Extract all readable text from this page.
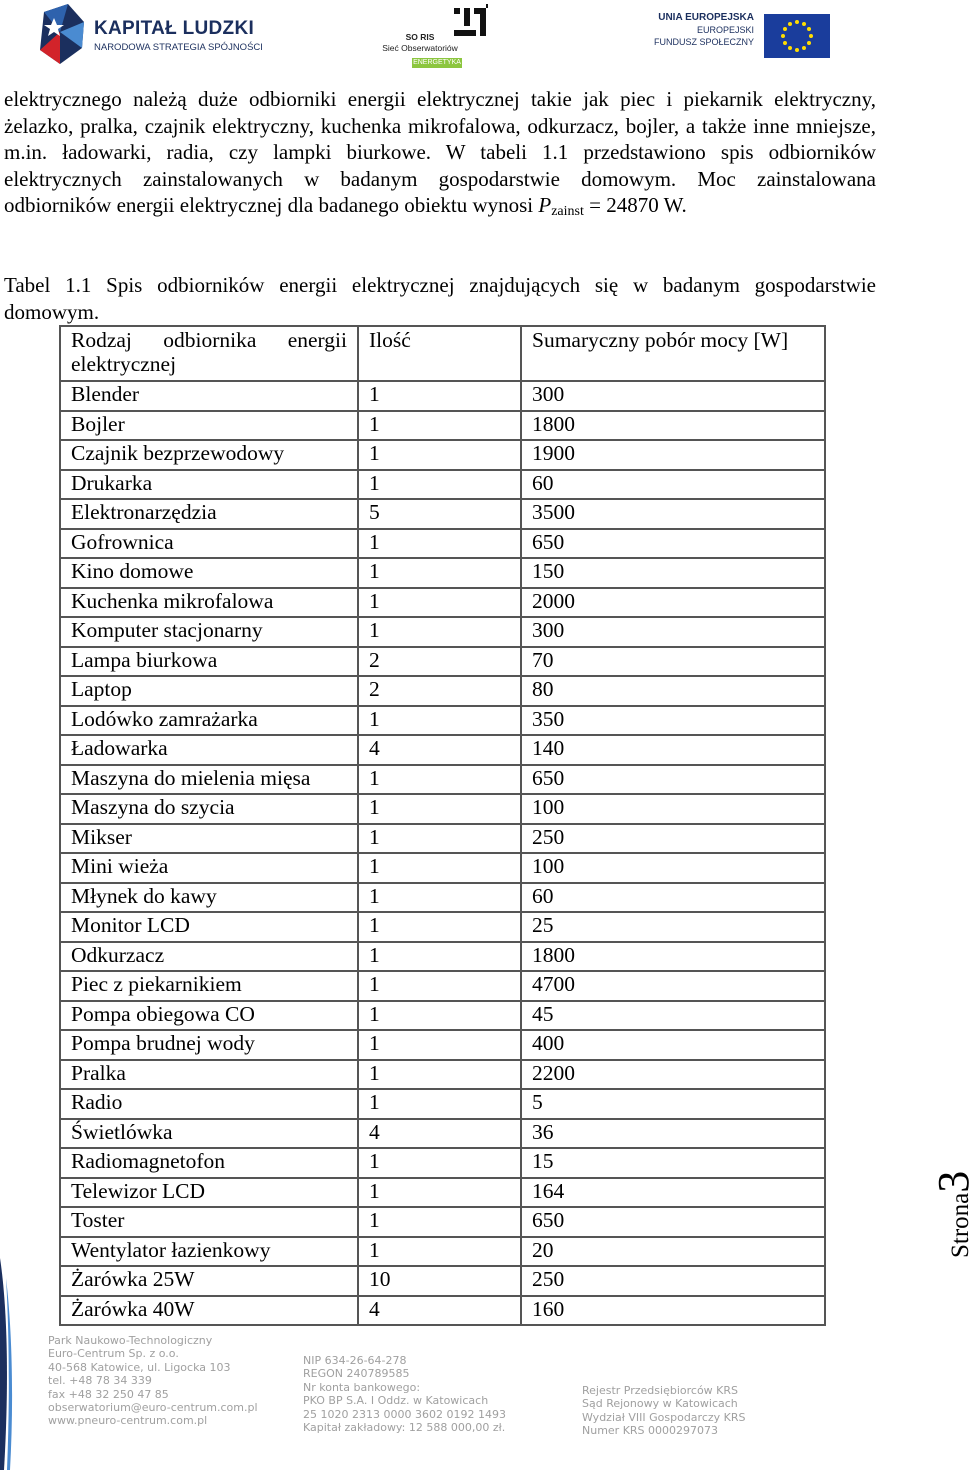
KAPITAŁ LUDZKI
NARODOWA STRATEGIA SPÓJNOŚCI
SO RIS
Sieć Obserwatoriów
ENERGETYKA
UNIA EUROPEJSKA
EUROPEJSKI
FUNDUSZ SPOŁECZNY
elektrycznego należą duże odbiorniki energii elektrycznej takie jak piec i piekarnik elektryczny, żelazko, pralka, czajnik elektryczny, kuchenka mikrofalowa, odkurzacz, bojler, a także inne mniejsze, m.in. ładowarki, radia, czy lampki biurkowe. W tabeli 1.1 przedstawiono spis odbiorników elektrycznych zainstalowanych w badanym gospodarstwie domowym. Moc zainstalowana odbiorników energii elektrycznej dla badanego obiektu wynosi $P_{zainst} = 24870$ W.
Tabel 1.1 Spis odbiorników energii elektrycznej znajdujących się w badanym gospodarstwie domowym.
Rodzaj odbiornika energii elektrycznej	Ilość	Sumaryczny pobór mocy [W]
Blender	1	300
Bojler	1	1800
Czajnik bezprzewodowy	1	1900
Drukarka	1	60
Elektronarzędzia	5	3500
Gofrownica	1	650
Kino domowe	1	150
Kuchenka mikrofalowa	1	2000
Komputer stacjonarny	1	300
Lampa biurkowa	2	70
Laptop	2	80
Lodówko zamrażarka	1	350
Ładowarka	4	140
Maszyna do mielenia mięsa	1	650
Maszyna do szycia	1	100
Mikser	1	250
Mini wieża	1	100
Młynek do kawy	1	60
Monitor LCD	1	25
Odkurzacz	1	1800
Piec z piekarnikiem	1	4700
Pompa obiegowa CO	1	45
Pompa brudnej wody	1	400
Pralka	1	2200
Radio	1	5
Świetlówka	4	36
Radiomagnetofon	1	15
Telewizor LCD	1	164
Toster	1	650
Wentylator łazienkowy	1	20
Żarówka 25W	10	250
Żarówka 40W	4	160
Strona3
Park Naukowo-Technologiczny
Euro-Centrum Sp. z o.o.
40-568 Katowice, ul. Ligocka 103
tel. +48 78 34 339
fax +48 32 250 47 85
obserwatorium@euro-centrum.com.pl
www.pneuro-centrum.com.pl
NIP 634-26-64-278
REGON 240789585
Nr konta bankowego:
PKO BP S.A. I Oddz. w Katowicach
25 1020 2313 0000 3602 0192 1493
Kapitał zakładowy: 12 588 000,00 zł.
Rejestr Przedsiębiorców KRS
Sąd Rejonowy w Katowicach
Wydział VIII Gospodarczy KRS
Numer KRS 0000297073
